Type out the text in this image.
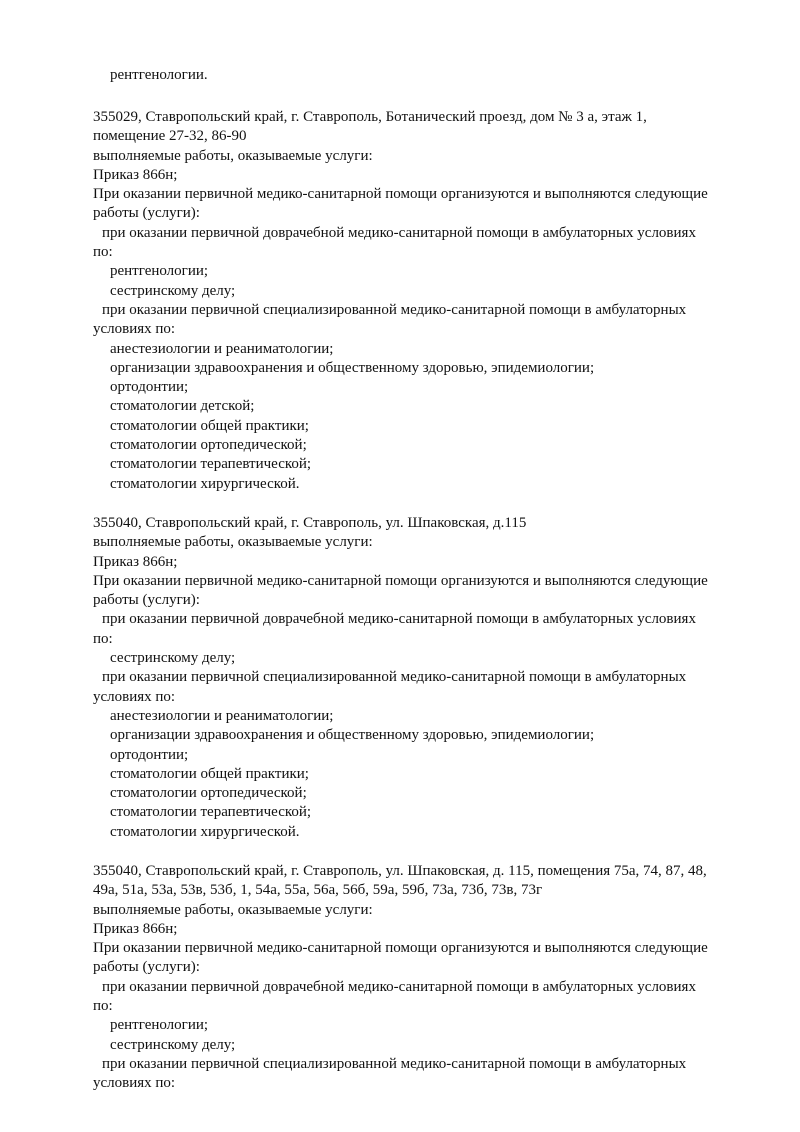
рентгенологии.
355029, Ставропольский край, г. Ставрополь, Ботанический проезд, дом № 3 а, этаж 1,
помещение 27-32, 86-90
выполняемые работы, оказываемые услуги:
Приказ 866н;
При оказании первичной медико-санитарной помощи организуются и выполняются следующие
работы (услуги):
при оказании первичной доврачебной медико-санитарной помощи в амбулаторных условиях
по:
рентгенологии;
сестринскому делу;
при оказании первичной специализированной медико-санитарной помощи в амбулаторных
условиях по:
анестезиологии и реаниматологии;
организации здравоохранения и общественному здоровью, эпидемиологии;
ортодонтии;
стоматологии детской;
стоматологии общей практики;
стоматологии ортопедической;
стоматологии терапевтической;
стоматологии хирургической.
355040, Ставропольский край, г. Ставрополь, ул. Шпаковская, д.115
выполняемые работы, оказываемые услуги:
Приказ 866н;
При оказании первичной медико-санитарной помощи организуются и выполняются следующие
работы (услуги):
при оказании первичной доврачебной медико-санитарной помощи в амбулаторных условиях
по:
сестринскому делу;
при оказании первичной специализированной медико-санитарной помощи в амбулаторных
условиях по:
анестезиологии и реаниматологии;
организации здравоохранения и общественному здоровью, эпидемиологии;
ортодонтии;
стоматологии общей практики;
стоматологии ортопедической;
стоматологии терапевтической;
стоматологии хирургической.
355040, Ставропольский край, г. Ставрополь, ул. Шпаковская, д. 115, помещения 75а, 74, 87, 48,
49а, 51а, 53а, 53в, 53б, 1, 54а, 55а, 56а, 56б, 59а, 59б, 73а, 73б, 73в, 73г
выполняемые работы, оказываемые услуги:
Приказ 866н;
При оказании первичной медико-санитарной помощи организуются и выполняются следующие
работы (услуги):
при оказании первичной доврачебной медико-санитарной помощи в амбулаторных условиях
по:
рентгенологии;
сестринскому делу;
при оказании первичной специализированной медико-санитарной помощи в амбулаторных
условиях по:
